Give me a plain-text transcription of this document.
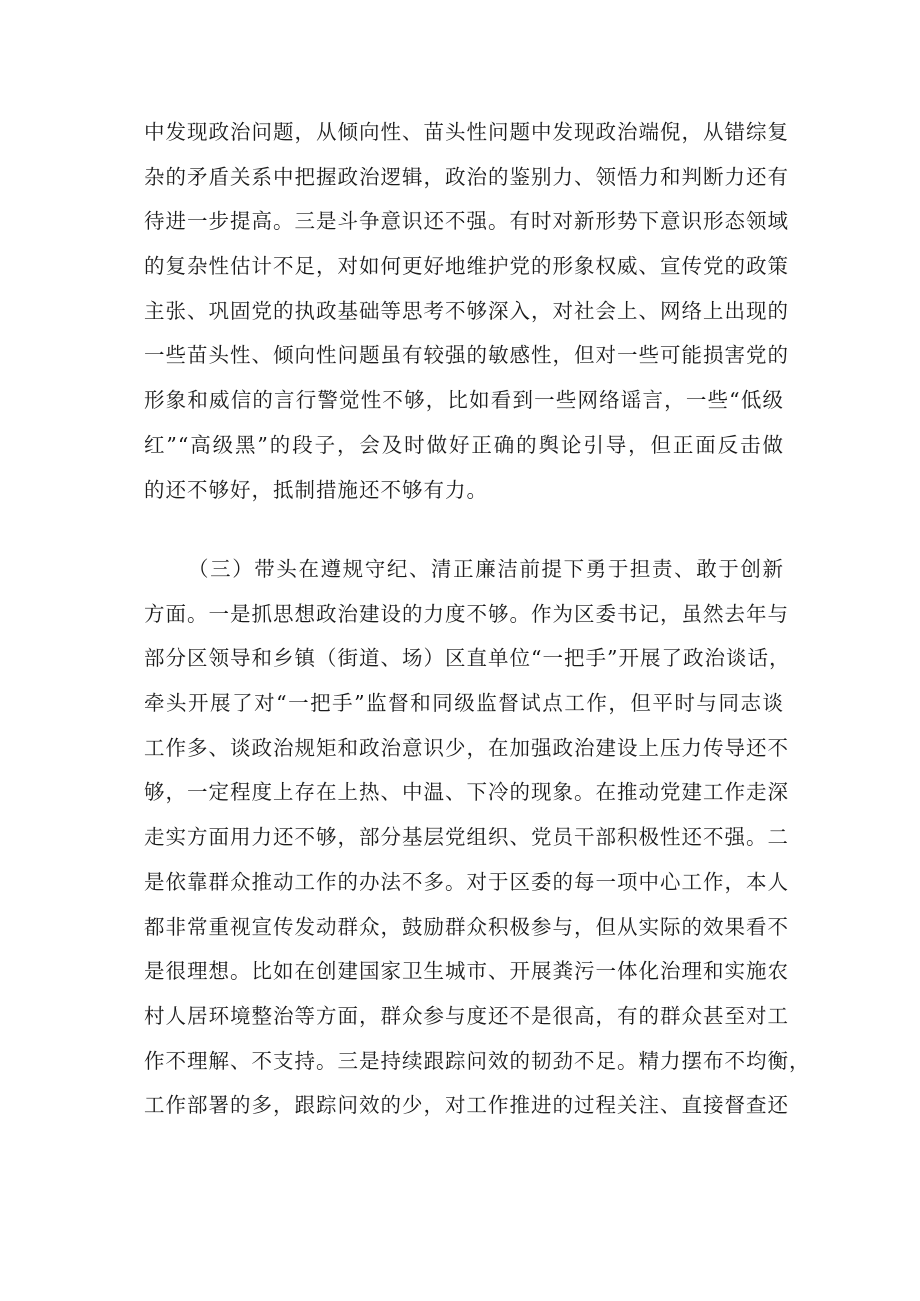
中发现政治问题，从倾向性、苗头性问题中发现政治端倪，从错综复
杂的矛盾关系中把握政治逻辑，政治的鉴别力、领悟力和判断力还有
待进一步提高。三是斗争意识还不强。有时对新形势下意识形态领域
的复杂性估计不足，对如何更好地维护党的形象权威、宣传党的政策
主张、巩固党的执政基础等思考不够深入，对社会上、网络上出现的
一些苗头性、倾向性问题虽有较强的敏感性，但对一些可能损害党的
形象和威信的言行警觉性不够，比如看到一些网络谣言，一些“低级
红”“高级黑”的段子，会及时做好正确的舆论引导，但正面反击做
的还不够好，抵制措施还不够有力。
（三）带头在遵规守纪、清正廉洁前提下勇于担责、敢于创新
方面。一是抓思想政治建设的力度不够。作为区委书记，虽然去年与
部分区领导和乡镇（街道、场）区直单位“一把手”开展了政治谈话，
牵头开展了对“一把手”监督和同级监督试点工作，但平时与同志谈
工作多、谈政治规矩和政治意识少，在加强政治建设上压力传导还不
够，一定程度上存在上热、中温、下冷的现象。在推动党建工作走深
走实方面用力还不够，部分基层党组织、党员干部积极性还不强。二
是依靠群众推动工作的办法不多。对于区委的每一项中心工作，本人
都非常重视宣传发动群众，鼓励群众积极参与，但从实际的效果看不
是很理想。比如在创建国家卫生城市、开展粪污一体化治理和实施农
村人居环境整治等方面，群众参与度还不是很高，有的群众甚至对工
作不理解、不支持。三是持续跟踪问效的韧劲不足。精力摆布不均衡，
工作部署的多，跟踪问效的少，对工作推进的过程关注、直接督查还
